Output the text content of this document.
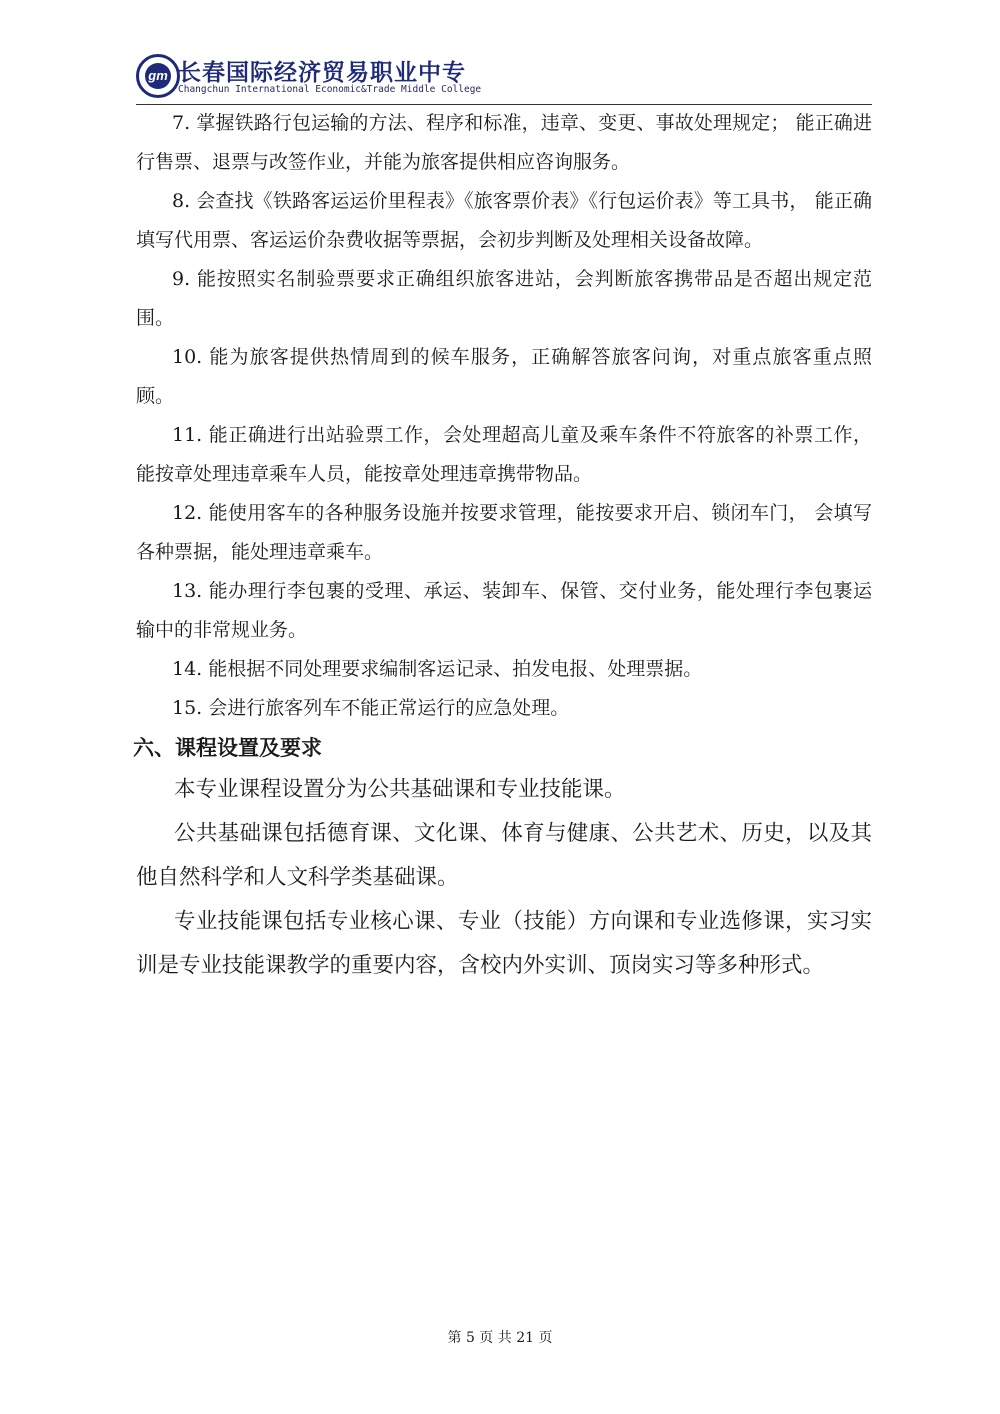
gm 长春国际经济贸易职业中专
Changchun International Economic&Trade Middle College

7. 掌握铁路行包运输的方法、程序和标准，违章、变更、事故处理规定； 能正确进行售票、退票与改签作业，并能为旅客提供相应咨询服务。

8. 会查找《铁路客运运价里程表》《旅客票价表》《行包运价表》等工具书， 能正确填写代用票、客运运价杂费收据等票据，会初步判断及处理相关设备故障。

9. 能按照实名制验票要求正确组织旅客进站，会判断旅客携带品是否超出规定范围。

10. 能为旅客提供热情周到的候车服务，正确解答旅客问询，对重点旅客重点照顾。

11. 能正确进行出站验票工作，会处理超高儿童及乘车条件不符旅客的补票工作，能按章处理违章乘车人员，能按章处理违章携带物品。

12. 能使用客车的各种服务设施并按要求管理，能按要求开启、锁闭车门， 会填写各种票据，能处理违章乘车。

13. 能办理行李包裹的受理、承运、装卸车、保管、交付业务，能处理行李包裹运输中的非常规业务。

14. 能根据不同处理要求编制客运记录、拍发电报、处理票据。

15. 会进行旅客列车不能正常运行的应急处理。

六、课程设置及要求

本专业课程设置分为公共基础课和专业技能课。

公共基础课包括德育课、文化课、体育与健康、公共艺术、历史，以及其他自然科学和人文科学类基础课。

专业技能课包括专业核心课、专业（技能）方向课和专业选修课，实习实训是专业技能课教学的重要内容，含校内外实训、顶岗实习等多种形式。

第 5 页 共 21 页
